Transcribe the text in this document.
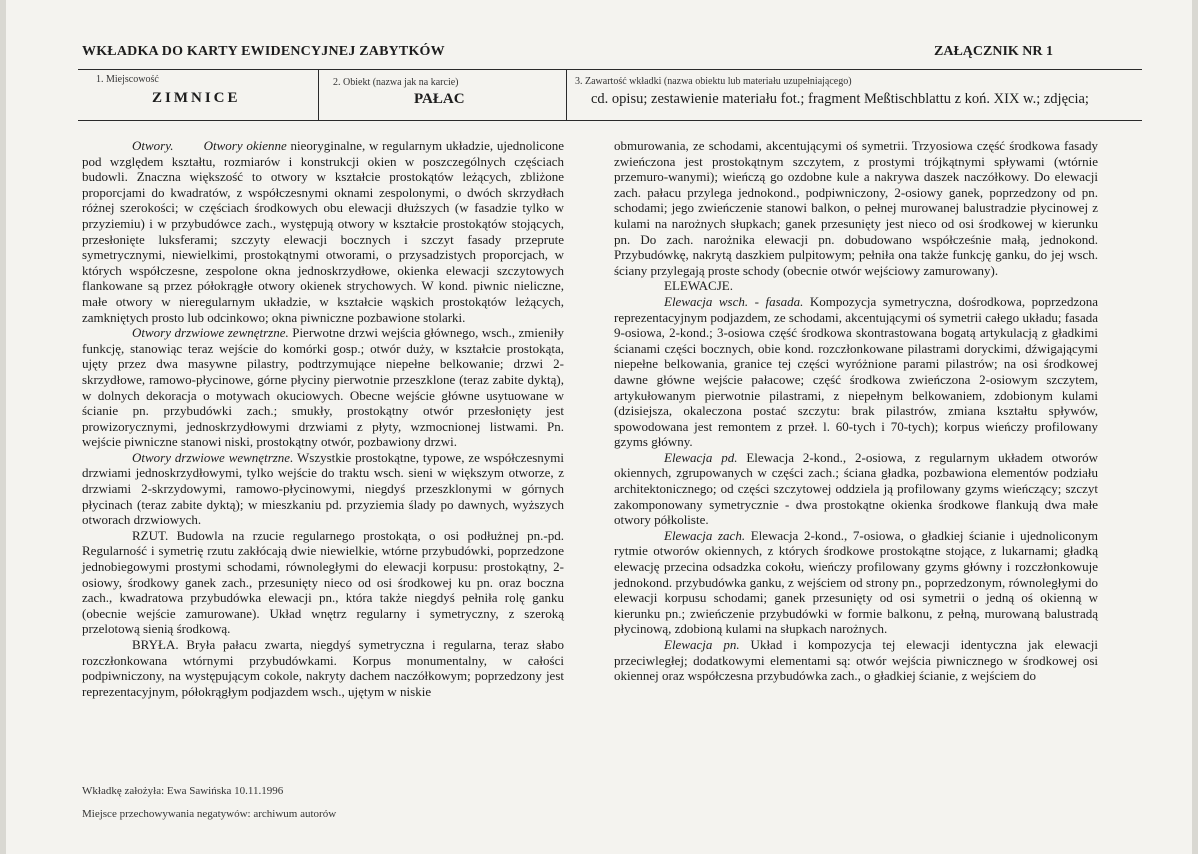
WKŁADKA DO KARTY EWIDENCYJNEJ ZABYTKÓW	ZAŁĄCZNIK NR 1
1. Miejscowość
ZIMNICE
2. Obiekt (nazwa jak na karcie)
PAŁAC
3. Zawartość wkładki (nazwa obiektu lub materiału uzupełniającego)
cd. opisu; zestawienie materiału fot.; fragment Meßtischblattu z koń. XIX w.; zdjęcia;

Otwory. Otwory okienne nieoryginalne, w regularnym układzie, ujednolicone pod względem kształtu, rozmiarów i konstrukcji okien w poszczególnych częściach budowli. Znaczna większość to otwory w kształcie prostokątów leżących, zbliżone proporcjami do kwadratów, z współczesnymi oknami zespolonymi, o dwóch skrzydłach różnej szerokości; w częściach środkowych obu elewacji dłuższych (w fasadzie tylko w przyziemiu) i w przybudówce zach., występują otwory w kształcie prostokątów stojących, przesłonięte luksferami; szczyty elewacji bocznych i szczyt fasady przeprute symetrycznymi, niewielkimi, prostokątnymi otworami, o przysadzistych proporcjach, w których współczesne, zespolone okna jednoskrzydłowe, okienka elewacji szczytowych flankowane są przez półokrągłe otwory okienek strychowych. W kond. piwnic nieliczne, małe otwory w nieregularnym układzie, w kształcie wąskich prostokątów leżących, zamkniętych prosto lub odcinkowo; okna piwniczne pozbawione stolarki.

Otwory drzwiowe zewnętrzne. Pierwotne drzwi wejścia głównego, wsch., zmieniły funkcję, stanowiąc teraz wejście do komórki gosp.; otwór duży, w kształcie prostokąta, ujęty przez dwa masywne pilastry, podtrzymujące niepełne belkowanie; drzwi 2-skrzydłowe, ramowo-płycinowe, górne płyciny pierwotnie przeszklone (teraz zabite dyktą), w dolnych dekoracja o motywach okuciowych. Obecne wejście główne usytuowane w ścianie pn. przybudówki zach.; smukły, prostokątny otwór przesłonięty jest prowizorycznymi, jednoskrzydłowymi drzwiami z płyty, wzmocnionej listwami. Pn. wejście piwniczne stanowi niski, prostokątny otwór, pozbawiony drzwi.

Otwory drzwiowe wewnętrzne. Wszystkie prostokątne, typowe, ze współczesnymi drzwiami jednoskrzydłowymi, tylko wejście do traktu wsch. sieni w większym otworze, z drzwiami 2-skrzydowymi, ramowo-płycinowymi, niegdyś przeszklonymi w górnych płycinach (teraz zabite dyktą); w mieszkaniu pd. przyziemia ślady po dawnych, wyższych otworach drzwiowych.

RZUT. Budowla na rzucie regularnego prostokąta, o osi podłużnej pn.-pd. Regularność i symetrię rzutu zakłócają dwie niewielkie, wtórne przybudówki, poprzedzone jednobiegowymi prostymi schodami, równoległymi do elewacji korpusu: prostokątny, 2-osiowy, środkowy ganek zach., przesunięty nieco od osi środkowej ku pn. oraz boczna zach., kwadratowa przybudówka elewacji pn., która także niegdyś pełniła rolę ganku (obecnie wejście zamurowane). Układ wnętrz regularny i symetryczny, z szeroką przelotową sienią środkową.

BRYŁA. Bryła pałacu zwarta, niegdyś symetryczna i regularna, teraz słabo rozczłonkowana wtórnymi przybudówkami. Korpus monumentalny, w całości podpiwniczony, na występującym cokole, nakryty dachem naczółkowym; poprzedzony jest reprezentacyjnym, półokrągłym podjazdem wsch., ujętym w niskie

obmurowania, ze schodami, akcentującymi oś symetrii. Trzyosiowa część środkowa fasady zwieńczona jest prostokątnym szczytem, z prostymi trójkątnymi spływami (wtórnie przemuro-wanymi); wieńczą go ozdobne kule a nakrywa daszek naczółkowy. Do elewacji zach. pałacu przylega jednokond., podpiwniczony, 2-osiowy ganek, poprzedzony od pn. schodami; jego zwieńczenie stanowi balkon, o pełnej murowanej balustradzie płycinowej z kulami na narożnych słupkach; ganek przesunięty jest nieco od osi środkowej w kierunku pn. Do zach. narożnika elewacji pn. dobudowano współcześnie małą, jednokond. Przybudówkę, nakrytą daszkiem pulpitowym; pełniła ona także funkcję ganku, do jej wsch. ściany przylegają proste schody (obecnie otwór wejściowy zamurowany).

ELEWACJE.

Elewacja wsch. - fasada. Kompozycja symetryczna, dośrodkowa, poprzedzona reprezentacyjnym podjazdem, ze schodami, akcentującymi oś symetrii całego układu; fasada 9-osiowa, 2-kond.; 3-osiowa część środkowa skontrastowana bogatą artykulacją z gładkimi ścianami części bocznych, obie kond. rozczłonkowane pilastrami doryckimi, dźwigającymi niepełne belkowania, granice tej części wyróżnione parami pilastrów; na osi środkowej dawne główne wejście pałacowe; część środkowa zwieńczona 2-osiowym szczytem, artykułowanym pierwotnie pilastrami, z niepełnym belkowaniem, zdobionym kulami (dzisiejsza, okaleczona postać szczytu: brak pilastrów, zmiana kształtu spływów, spowodowana jest remontem z przeł. l. 60-tych i 70-tych); korpus wieńczy profilowany gzyms główny.

Elewacja pd. Elewacja 2-kond., 2-osiowa, z regularnym układem otworów okiennych, zgrupowanych w części zach.; ściana gładka, pozbawiona elementów podziału architektonicznego; od części szczytowej oddziela ją profilowany gzyms wieńczący; szczyt zakomponowany symetrycznie - dwa prostokątne okienka środkowe flankują dwa małe otwory półkoliste.

Elewacja zach. Elewacja 2-kond., 7-osiowa, o gładkiej ścianie i ujednoliconym rytmie otworów okiennych, z których środkowe prostokątne stojące, z lukarnami; gładką elewację przecina odsadzka cokołu, wieńczy profilowany gzyms główny i rozczłonkowuje jednokond. przybudówka ganku, z wejściem od strony pn., poprzedzonym, równoległymi do elewacji korpusu schodami; ganek przesunięty od osi symetrii o jedną oś okienną w kierunku pn.; zwieńczenie przybudówki w formie balkonu, z pełną, murowaną balustradą płycinową, zdobioną kulami na słupkach narożnych.

Elewacja pn. Układ i kompozycja tej elewacji identyczna jak elewacji przeciwległej; dodatkowymi elementami są: otwór wejścia piwnicznego w środkowej osi okiennej oraz współczesna przybudówka zach., o gładkiej ścianie, z wejściem do

Wkładkę założyła: Ewa Sawińska 10.11.1996
Miejsce przechowywania negatywów: archiwum autorów
